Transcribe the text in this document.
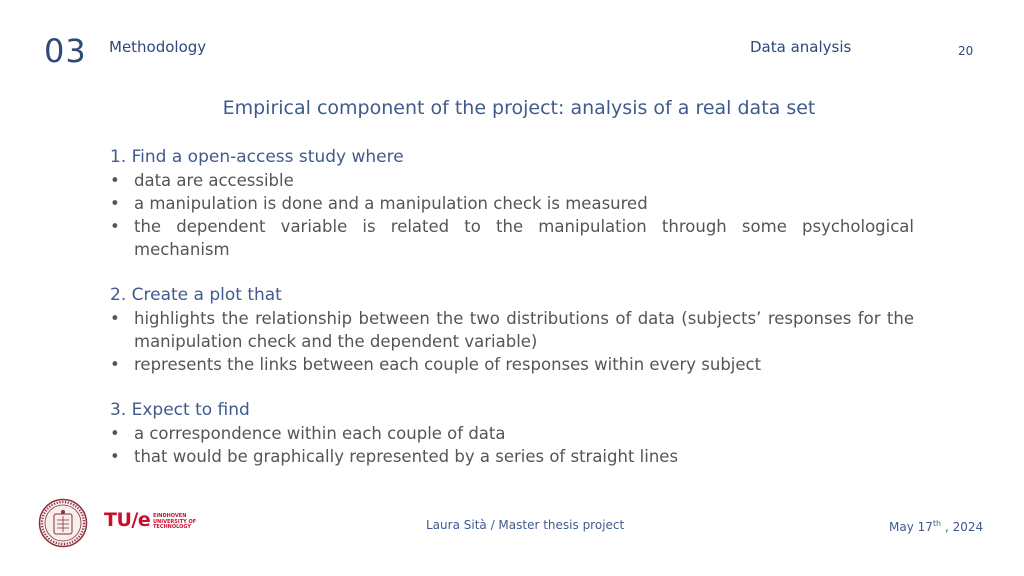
03 Methodology	Data analysis	20
Empirical component of the project: analysis of a real data set
1. Find a open-access study where
• data are accessible
• a manipulation is done and a manipulation check is measured
• the dependent variable is related to the manipulation through some psychological mechanism
2. Create a plot that
• highlights the relationship between the two distributions of data (subjects’ responses for the manipulation check and the dependent variable)
• represents the links between each couple of responses within every subject
3. Expect to find
• a correspondence within each couple of data
• that would be graphically represented by a series of straight lines
TU/e EINDHOVEN UNIVERSITY OF TECHNOLOGY	Laura Sità / Master thesis project	May 17th , 2024
